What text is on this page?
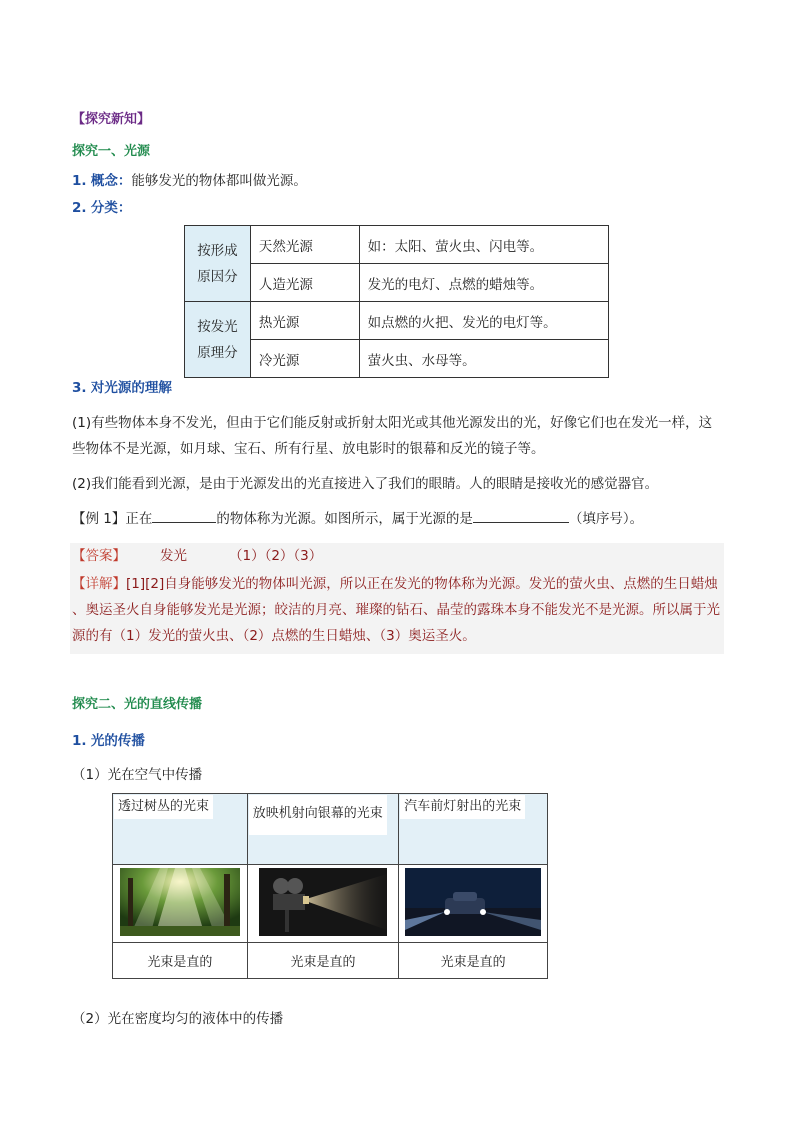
【探究新知】
探究一、光源
1. 概念：能够发光的物体都叫做光源。
2. 分类：
按形成原因分	天然光源	如：太阳、萤火虫、闪电等。
	人造光源	发光的电灯、点燃的蜡烛等。
按发光原理分	热光源	如点燃的火把、发光的电灯等。
	冷光源	萤火虫、水母等。
3. 对光源的理解
(1)有些物体本身不发光，但由于它们能反射或折射太阳光或其他光源发出的光，好像它们也在发光一样，这些物体不是光源，如月球、宝石、所有行星、放电影时的银幕和反光的镜子等。
(2)我们能看到光源，是由于光源发出的光直接进入了我们的眼睛。人的眼睛是接收光的感觉器官。
【例 1】正在	的物体称为光源。如图所示，属于光源的是	（填序号）。
【答案】	发光	（1）（2）（3）
【详解】[1][2]自身能够发光的物体叫光源，所以正在发光的物体称为光源。发光的萤火虫、点燃的生日蜡烛 、奥运圣火自身能够发光是光源；皎洁的月亮、璀璨的钻石、晶莹的露珠本身不能发光不是光源。所以属于光源的有（1）发光的萤火虫、（2）点燃的生日蜡烛、（3）奥运圣火。
探究二、光的直线传播
1. 光的传播
（1）光在空气中传播
透过树丛的光束	放映机射向银幕的光束	汽车前灯射出的光束

光束是直的	光束是直的	光束是直的
（2）光在密度均匀的液体中的传播
